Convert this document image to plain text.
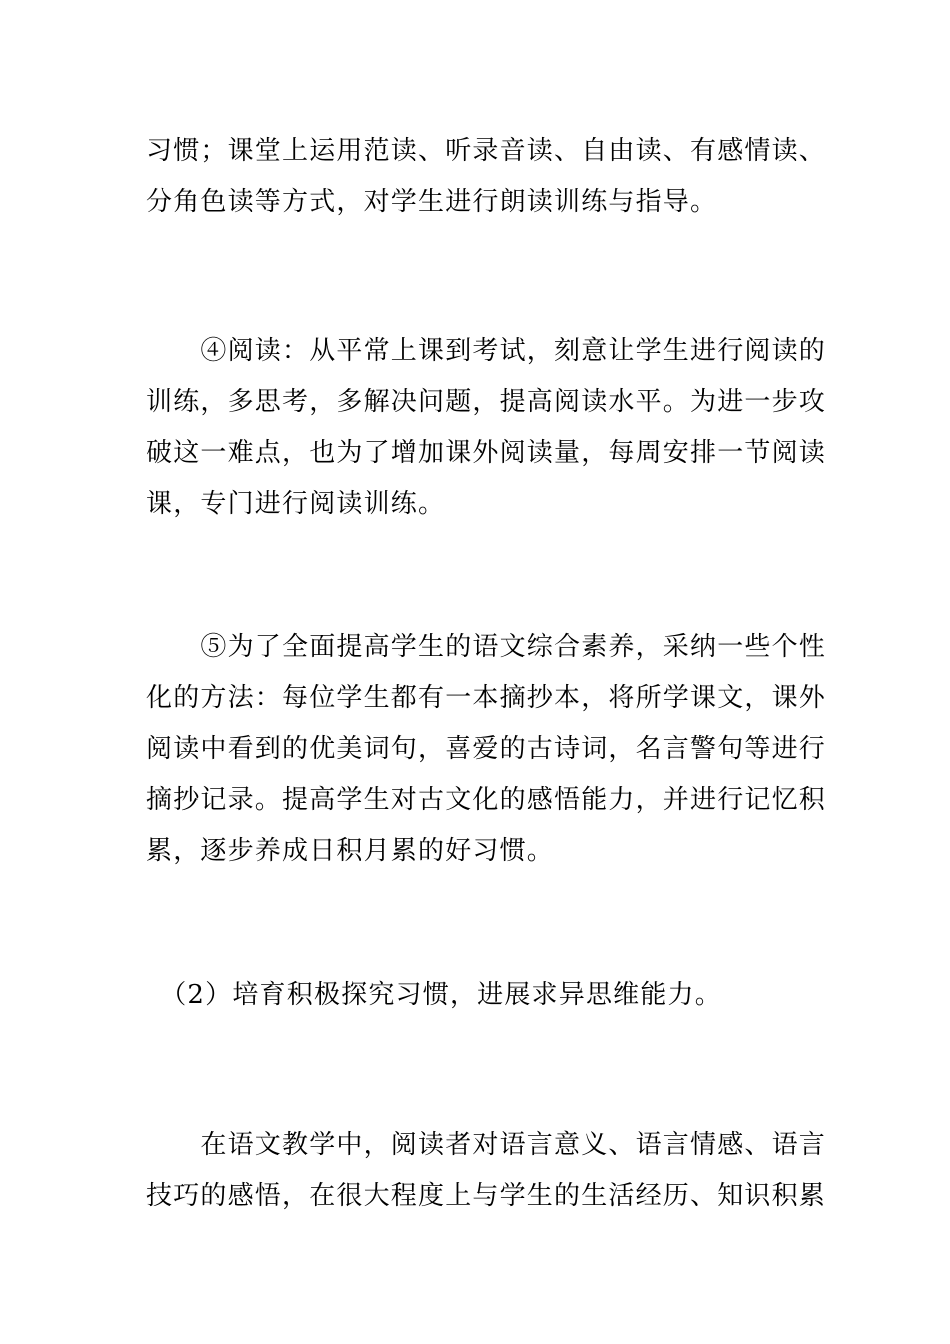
习惯；课堂上运用范读、听录音读、自由读、有感情读、
分角色读等方式，对学生进行朗读训练与指导。

　　④阅读：从平常上课到考试，刻意让学生进行阅读的
训练，多思考，多解决问题，提高阅读水平。为进一步攻
破这一难点，也为了增加课外阅读量，每周安排一节阅读
课，专门进行阅读训练。

　　⑤为了全面提高学生的语文综合素养，采纳一些个性
化的方法：每位学生都有一本摘抄本，将所学课文，课外
阅读中看到的优美词句，喜爱的古诗词，名言警句等进行
摘抄记录。提高学生对古文化的感悟能力，并进行记忆积
累，逐步养成日积月累的好习惯。

　（2）培育积极探究习惯，进展求异思维能力。

　　在语文教学中，阅读者对语言意义、语言情感、语言
技巧的感悟，在很大程度上与学生的生活经历、知识积累
